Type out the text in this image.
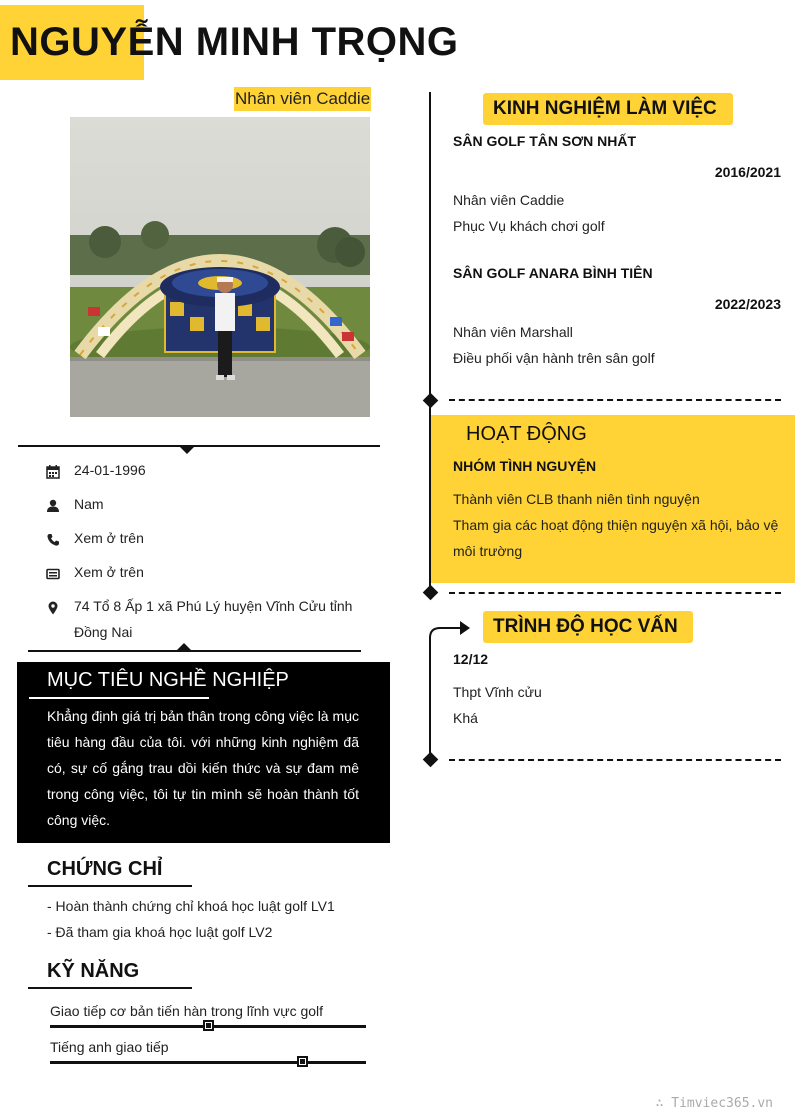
NGUYỄN MINH TRỌNG
Nhân viên Caddie
24-01-1996
Nam
Xem ở trên
Xem ở trên
74 Tổ 8 Ấp 1 xã Phú Lý huyện Vĩnh Cửu tỉnh Đồng Nai
MỤC TIÊU NGHỀ NGHIỆP
Khẳng định giá trị bản thân trong công việc là mục tiêu hàng đầu của tôi. với những kinh nghiệm đã có, sự cố gắng trau dồi kiến thức và sự đam mê trong công việc, tôi tự tin mình sẽ hoàn thành tốt công việc.
CHỨNG CHỈ
- Hoàn thành chứng chỉ khoá học luật golf LV1
- Đã tham gia khoá học luật golf LV2
KỸ NĂNG
Giao tiếp cơ bản tiến hàn trong lĩnh vực golf
Tiếng anh giao tiếp
KINH NGHIỆM LÀM VIỆC
SÂN GOLF TÂN SƠN NHẤT
2016/2021
Nhân viên Caddie
Phục Vụ khách chơi golf
SÂN GOLF ANARA BÌNH TIÊN
2022/2023
Nhân viên Marshall
Điều phối vận hành trên sân golf
HOẠT ĐỘNG
NHÓM TÌNH NGUYỆN
Thành viên CLB thanh niên tình nguyện
Tham gia các hoạt động thiện nguyện xã hội, bảo vệ môi trường
TRÌNH ĐỘ HỌC VẤN
12/12
Thpt Vĩnh cửu
Khá
∴ Timviec365.vn
